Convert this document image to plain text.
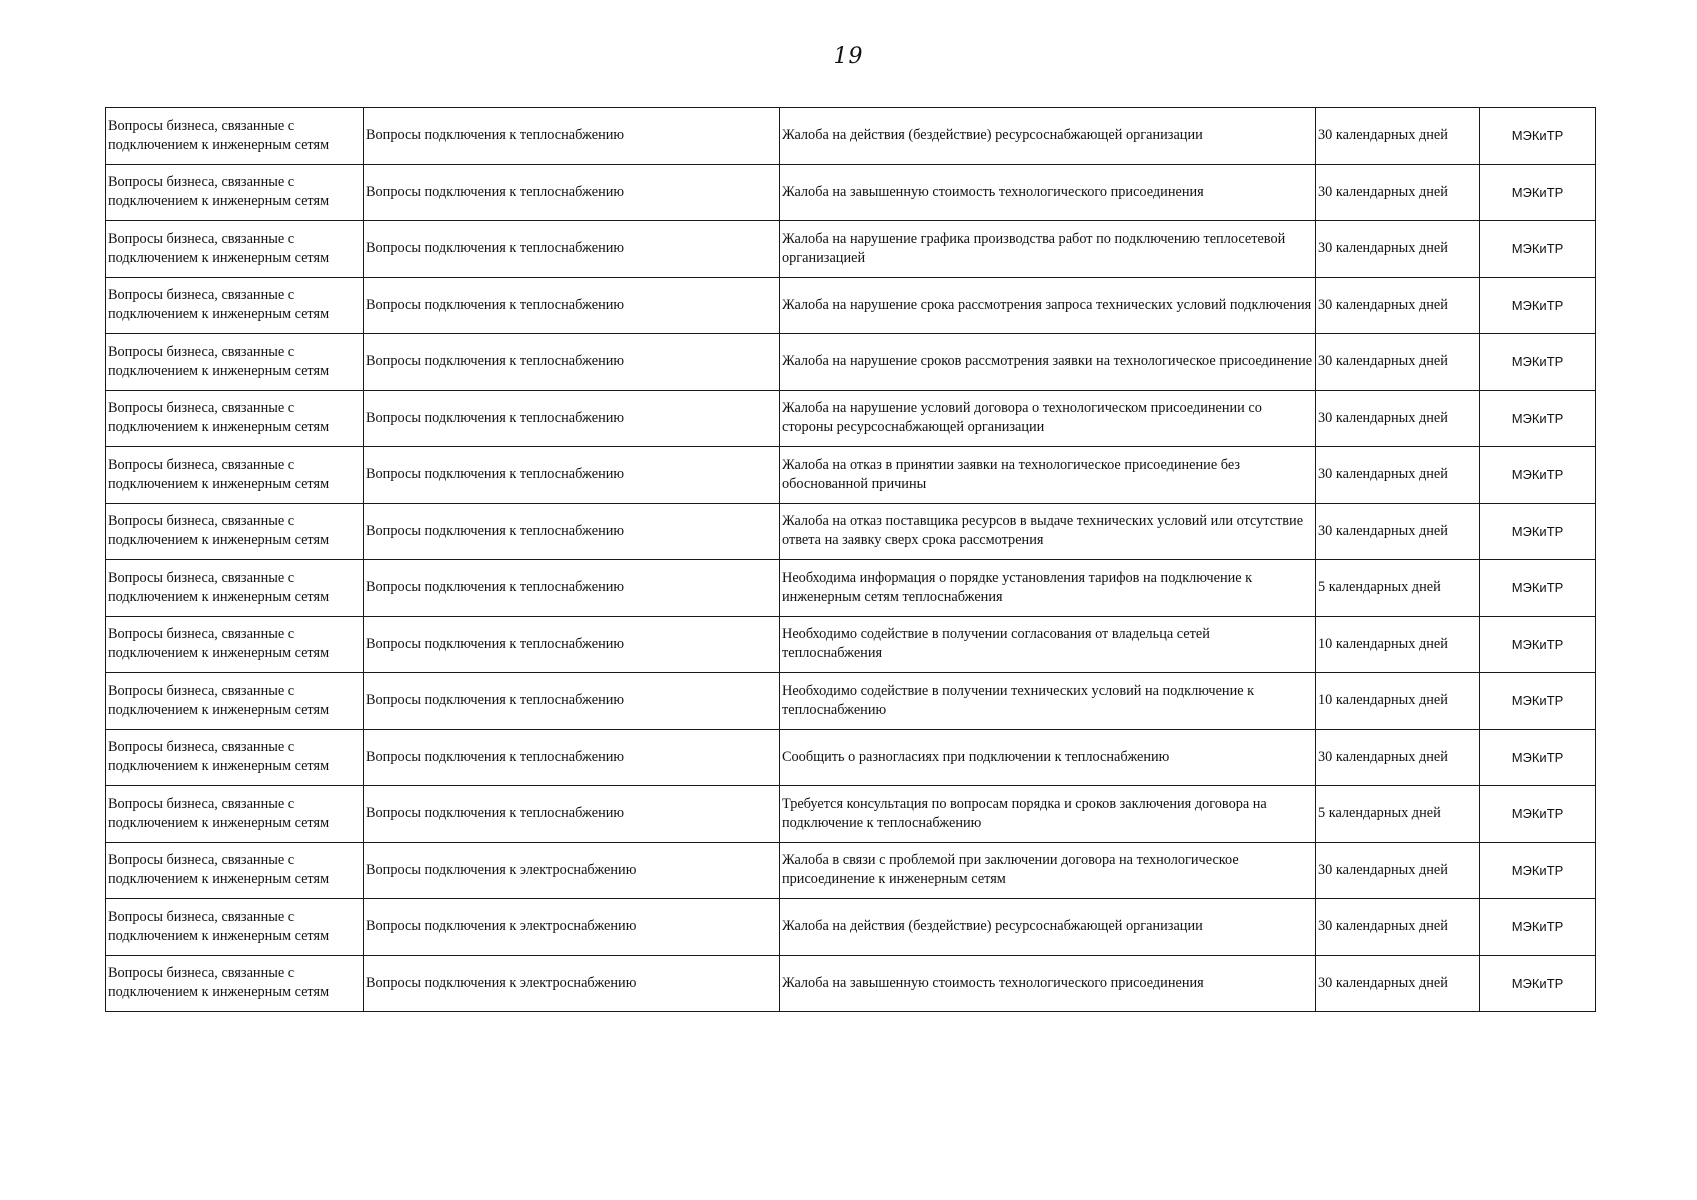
19
Вопросы бизнеса, связанные с подключением к инженерным сетям	Вопросы подключения к теплоснабжению	Жалоба на действия (бездействие) ресурсоснабжающей организации	30 календарных дней	МЭКиТР
Вопросы бизнеса, связанные с подключением к инженерным сетям	Вопросы подключения к теплоснабжению	Жалоба на завышенную стоимость технологического присоединения	30 календарных дней	МЭКиТР
Вопросы бизнеса, связанные с подключением к инженерным сетям	Вопросы подключения к теплоснабжению	Жалоба на нарушение графика производства работ по подключению теплосетевой организацией	30 календарных дней	МЭКиТР
Вопросы бизнеса, связанные с подключением к инженерным сетям	Вопросы подключения к теплоснабжению	Жалоба на нарушение срока рассмотрения запроса технических условий подключения	30 календарных дней	МЭКиТР
Вопросы бизнеса, связанные с подключением к инженерным сетям	Вопросы подключения к теплоснабжению	Жалоба на нарушение сроков рассмотрения заявки на технологическое присоединение	30 календарных дней	МЭКиТР
Вопросы бизнеса, связанные с подключением к инженерным сетям	Вопросы подключения к теплоснабжению	Жалоба на нарушение условий договора о технологическом присоединении со стороны ресурсоснабжающей организации	30 календарных дней	МЭКиТР
Вопросы бизнеса, связанные с подключением к инженерным сетям	Вопросы подключения к теплоснабжению	Жалоба на отказ в принятии заявки на технологическое присоединение без обоснованной причины	30 календарных дней	МЭКиТР
Вопросы бизнеса, связанные с подключением к инженерным сетям	Вопросы подключения к теплоснабжению	Жалоба на отказ поставщика ресурсов в выдаче технических условий или отсутствие ответа на заявку сверх срока рассмотрения	30 календарных дней	МЭКиТР
Вопросы бизнеса, связанные с подключением к инженерным сетям	Вопросы подключения к теплоснабжению	Необходима информация о порядке установления тарифов на подключение к инженерным сетям теплоснабжения	5 календарных дней	МЭКиТР
Вопросы бизнеса, связанные с подключением к инженерным сетям	Вопросы подключения к теплоснабжению	Необходимо содействие в получении согласования от владельца сетей теплоснабжения	10 календарных дней	МЭКиТР
Вопросы бизнеса, связанные с подключением к инженерным сетям	Вопросы подключения к теплоснабжению	Необходимо содействие в получении технических условий на подключение к теплоснабжению	10 календарных дней	МЭКиТР
Вопросы бизнеса, связанные с подключением к инженерным сетям	Вопросы подключения к теплоснабжению	Сообщить о разногласиях при подключении к теплоснабжению	30 календарных дней	МЭКиТР
Вопросы бизнеса, связанные с подключением к инженерным сетям	Вопросы подключения к теплоснабжению	Требуется консультация по вопросам порядка и сроков заключения договора на подключение к теплоснабжению	5 календарных дней	МЭКиТР
Вопросы бизнеса, связанные с подключением к инженерным сетям	Вопросы подключения к электроснабжению	Жалоба в связи с проблемой при заключении договора на технологическое присоединение к инженерным сетям	30 календарных дней	МЭКиТР
Вопросы бизнеса, связанные с подключением к инженерным сетям	Вопросы подключения к электроснабжению	Жалоба на действия (бездействие) ресурсоснабжающей организации	30 календарных дней	МЭКиТР
Вопросы бизнеса, связанные с подключением к инженерным сетям	Вопросы подключения к электроснабжению	Жалоба на завышенную стоимость технологического присоединения	30 календарных дней	МЭКиТР
